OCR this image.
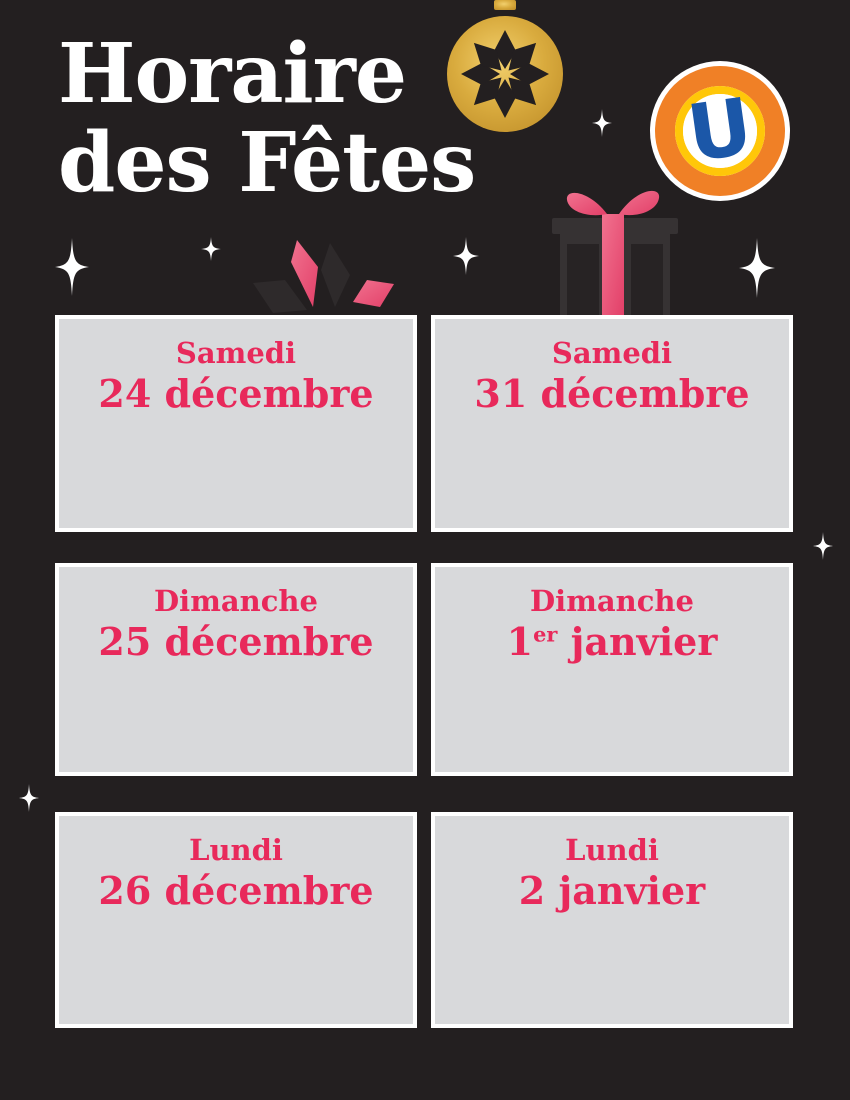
Horaire
des Fêtes	U
Samedi
24 décembre
Samedi
31 décembre
Dimanche
25 décembre
Dimanche
1er janvier
Lundi
26 décembre
Lundi
2 janvier
